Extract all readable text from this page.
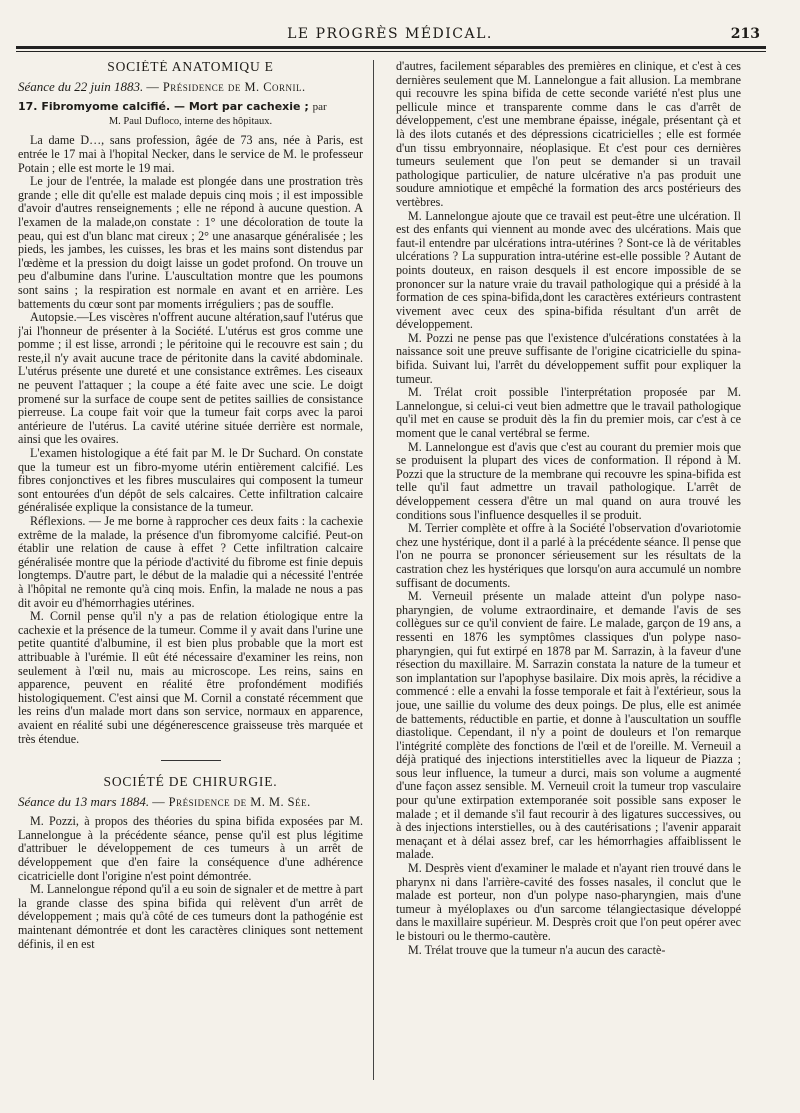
LE PROGRÈS MÉDICAL.	213

SOCIÉTÉ ANATOMIQU E

Séance du 22 juin 1883. — Présidence de M. Cornil.

17. Fibromyome calcifié. — Mort par cachexie ; par

M. Paul Dufloco, interne des hôpitaux.

La dame D…, sans profession, âgée de 73 ans, née à Paris, est entrée le 17 mai à l'hopital Necker, dans le service de M. le professeur Potain ; elle est morte le 19 mai.

Le jour de l'entrée, la malade est plongée dans une prostration très grande ; elle dit qu'elle est malade depuis cinq mois ; il est impossible d'avoir d'autres renseignements ; elle ne répond à aucune question. A l'examen de la malade,on constate : 1° une décoloration de toute la peau, qui est d'un blanc mat cireux ; 2° une anasarque généralisée ; les pieds, les jambes, les cuisses, les bras et les mains sont distendus par l'œdème et la pression du doigt laisse un godet profond. On trouve un peu d'albumine dans l'urine. L'auscultation montre que les poumons sont sains ; la respiration est normale en avant et en arrière. Les battements du cœur sont par moments irréguliers ; pas de souffle.

Autopsie.—Les viscères n'offrent aucune altération,sauf l'utérus que j'ai l'honneur de présenter à la Société. L'utérus est gros comme une pomme ; il est lisse, arrondi ; le péritoine qui le recouvre est sain ; du reste,il n'y avait aucune trace de péritonite dans la cavité abdominale. L'utérus présente une dureté et une consistance extrêmes. Les ciseaux ne peuvent l'attaquer ; la coupe a été faite avec une scie. Le doigt promené sur la surface de coupe sent de petites saillies de consistance pierreuse. La coupe fait voir que la tumeur fait corps avec la paroi antérieure de l'utérus. La cavité utérine située derrière est normale, ainsi que les ovaires.

L'examen histologique a été fait par M. le Dr Suchard. On constate que la tumeur est un fibro-myome utérin entièrement calcifié. Les fibres conjonctives et les fibres musculaires qui composent la tumeur sont entourées d'un dépôt de sels calcaires. Cette infiltration calcaire généralisée explique la consistance de la tumeur.

Réflexions. — Je me borne à rapprocher ces deux faits : la cachexie extrême de la malade, la présence d'un fibromyome calcifié. Peut-on établir une relation de cause à effet ? Cette infiltration calcaire généralisée montre que la période d'activité du fibrome est finie depuis longtemps. D'autre part, le début de la maladie qui a nécessité l'entrée à l'hôpital ne remonte qu'à cinq mois. Enfin, la malade ne nous a pas dit avoir eu d'hémorrhagies utérines.

M. Cornil pense qu'il n'y a pas de relation étiologique entre la cachexie et la présence de la tumeur. Comme il y avait dans l'urine une petite quantité d'albumine, il est bien plus probable que la mort est attribuable à l'urémie. Il eût été nécessaire d'examiner les reins, non seulement à l'œil nu, mais au microscope. Les reins, sains en apparence, peuvent en réalité être profondément modifiés histologiquement. C'est ainsi que M. Cornil a constaté récemment que les reins d'un malade mort dans son service, normaux en apparence, avaient en réalité subi une dégénerescence graisseuse très marquée et très étendue.

SOCIÉTÉ DE CHIRURGIE.

Séance du 13 mars 1884. — Présidence de M. M. Sée.

M. Pozzi, à propos des théories du spina bifida exposées par M. Lannelongue à la précédente séance, pense qu'il est plus légitime d'attribuer le développement de ces tumeurs à un arrêt de développement que d'en faire la conséquence d'une adhérence cicatricielle dont l'origine n'est point démontrée.

M. Lannelongue répond qu'il a eu soin de signaler et de mettre à part la grande classe des spina bifida qui relèvent d'un arrêt de développement ; mais qu'à côté de ces tumeurs dont la pathogénie est maintenant démontrée et dont les caractères cliniques sont nettement définis, il en est

d'autres, facilement séparables des premières en clinique, et c'est à ces dernières seulement que M. Lannelongue a fait allusion. La membrane qui recouvre les spina bifida de cette seconde variété n'est plus une pellicule mince et transparente comme dans le cas d'arrêt de développement, c'est une membrane épaisse, inégale, présentant çà et là des ilots cutanés et des dépressions cicatricielles ; elle est formée d'un tissu embryonnaire, néoplasique. Et c'est pour ces dernières tumeurs seulement que l'on peut se demander si un travail pathologique particulier, de nature ulcérative n'a pas produit une soudure amniotique et empêché la formation des arcs postérieurs des vertèbres.

M. Lannelongue ajoute que ce travail est peut-être une ulcération. Il est des enfants qui viennent au monde avec des ulcérations. Mais que faut-il entendre par ulcérations intra-utérines ? Sont-ce là de véritables ulcérations ? La suppuration intra-utérine est-elle possible ? Autant de points douteux, en raison desquels il est encore impossible de se prononcer sur la nature vraie du travail pathologique qui a présidé à la formation de ces spina-bifida,dont les caractères extérieurs contrastent vivement avec ceux des spina-bifida résultant d'un arrêt de développement.

M. Pozzi ne pense pas que l'existence d'ulcérations constatées à la naissance soit une preuve suffisante de l'origine cicatricielle du spina-bifida. Suivant lui, l'arrêt du développement suffit pour expliquer la tumeur.

M. Trélat croit possible l'interprétation proposée par M. Lannelongue, si celui-ci veut bien admettre que le travail pathologique qu'il met en cause se produit dès la fin du premier mois, car c'est à ce moment que le canal vertébral se ferme.

M. Lannelongue est d'avis que c'est au courant du premier mois que se produisent la plupart des vices de conformation. Il répond à M. Pozzi que la structure de la membrane qui recouvre les spina-bifida est telle qu'il faut admettre un travail pathologique. L'arrêt de développement cessera d'être un mal quand on aura trouvé les conditions sous l'influence desquelles il se produit.

M. Terrier complète et offre à la Société l'observation d'ovariotomie chez une hystérique, dont il a parlé à la précédente séance. Il pense que l'on ne pourra se prononcer sérieusement sur les résultats de la castration chez les hystériques que lorsqu'on aura accumulé un nombre suffisant de documents.

M. Verneuil présente un malade atteint d'un polype naso-pharyngien, de volume extraordinaire, et demande l'avis de ses collègues sur ce qu'il convient de faire. Le malade, garçon de 19 ans, a ressenti en 1876 les symptômes classiques d'un polype naso-pharyngien, qui fut extirpé en 1878 par M. Sarrazin, à la faveur d'une résection du maxillaire. M. Sarrazin constata la nature de la tumeur et son implantation sur l'apophyse basilaire. Dix mois après, la récidive a commencé : elle a envahi la fosse temporale et fait à l'extérieur, sous la joue, une saillie du volume des deux poings. De plus, elle est animée de battements, réductible en partie, et donne à l'auscultation un souffle diastolique. Cependant, il n'y a point de douleurs et l'on remarque l'intégrité complète des fonctions de l'œil et de l'oreille. M. Verneuil a déjà pratiqué des injections interstitielles avec la liqueur de Piazza ; sous leur influence, la tumeur a durci, mais son volume a augmenté d'une façon assez sensible. M. Verneuil croit la tumeur trop vasculaire pour qu'une extirpation extemporanée soit possible sans exposer le malade ; et il demande s'il faut recourir à des ligatures successives, ou à des injections interstielles, ou à des cautérisations ; l'avenir apparait menaçant et à délai assez bref, car les hémorrhagies affaiblissent le malade.

M. Desprès vient d'examiner le malade et n'ayant rien trouvé dans le pharynx ni dans l'arrière-cavité des fosses nasales, il conclut que le malade est porteur, non d'un polype naso-pharyngien, mais d'une tumeur à myéloplaxes ou d'un sarcome télangiectasique développé dans le maxillaire supérieur. M. Desprès croit que l'on peut opérer avec le bistouri ou le thermo-cautère.

M. Trélat trouve que la tumeur n'a aucun des caractè-
